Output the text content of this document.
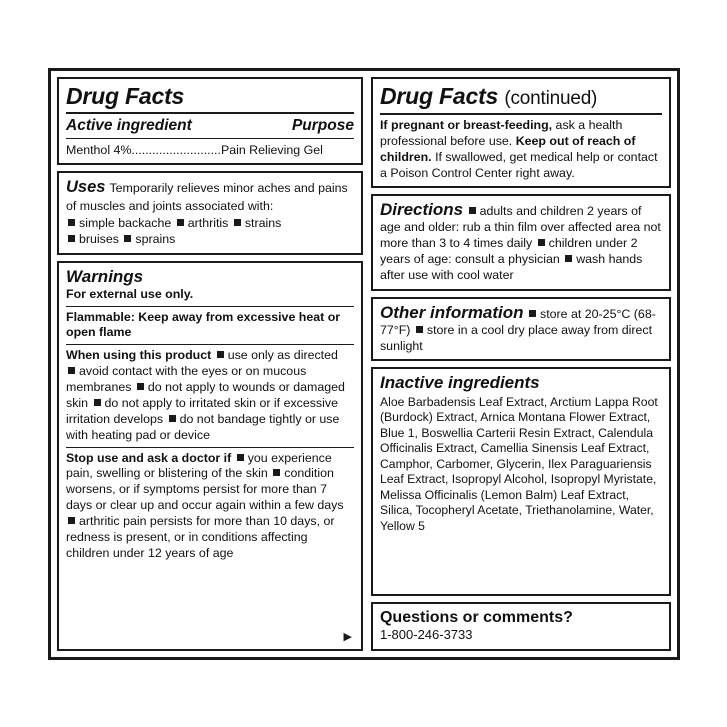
Drug Facts
Active ingredient	Purpose
Menthol 4%..........................Pain Relieving Gel
Uses Temporarily relieves minor aches and pains of muscles and joints associated with:
simple backache arthritis strains
bruises sprains
Warnings
For external use only.
Flammable: Keep away from excessive heat or open flame
When using this product use only as directed avoid contact with the eyes or on mucous membranes do not apply to wounds or damaged skin do not apply to irritated skin or if excessive irritation develops do not bandage tightly or use with heating pad or device
Stop use and ask a doctor if you experience pain, swelling or blistering of the skin condition worsens, or if symptoms persist for more than 7 days or clear up and occur again within a few days arthritic pain persists for more than 10 days, or redness is present, or in conditions affecting children under 12 years of age
▶
Drug Facts (continued)
If pregnant or breast-feeding, ask a health professional before use. Keep out of reach of children. If swallowed, get medical help or contact a Poison Control Center right away.
Directions adults and children 2 years of age and older: rub a thin film over affected area not more than 3 to 4 times daily children under 2 years of age: consult a physician wash hands after use with cool water
Other information store at 20-25°C (68-77°F) store in a cool dry place away from direct sunlight
Inactive ingredients
Aloe Barbadensis Leaf Extract, Arctium Lappa Root (Burdock) Extract, Arnica Montana Flower Extract, Blue 1, Boswellia Carterii Resin Extract, Calendula Officinalis Extract, Camellia Sinensis Leaf Extract, Camphor, Carbomer, Glycerin, Ilex Paraguariensis Leaf Extract, Isopropyl Alcohol, Isopropyl Myristate, Melissa Officinalis (Lemon Balm) Leaf Extract, Silica, Tocopheryl Acetate, Triethanolamine, Water, Yellow 5
Questions or comments?
1-800-246-3733
